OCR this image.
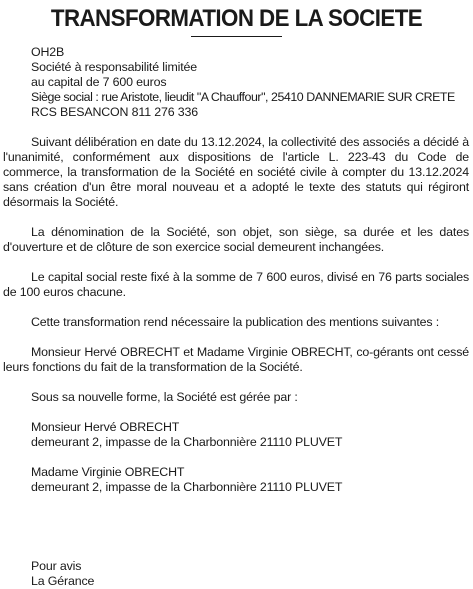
TRANSFORMATION DE LA SOCIETE
OH2B
Société à responsabilité limitée
au capital de 7 600 euros
Siège social : rue Aristote, lieudit "A Chauffour", 25410 DANNEMARIE SUR CRETE
RCS BESANCON 811 276 336

Suivant délibération en date du 13.12.2024, la collectivité des associés a décidé à l'unanimité, conformément aux dispositions de l'article L. 223-43 du Code de commerce, la transformation de la Société en société civile à compter du 13.12.2024 sans création d'un être moral nouveau et a adopté le texte des statuts qui régiront désormais la Société.

La dénomination de la Société, son objet, son siège, sa durée et les dates d'ouverture et de clôture de son exercice social demeurent inchangées.

Le capital social reste fixé à la somme de 7 600 euros, divisé en 76 parts sociales de 100 euros chacune.

Cette transformation rend nécessaire la publication des mentions suivantes :

Monsieur Hervé OBRECHT et Madame Virginie OBRECHT, co-gérants ont cessé leurs fonctions du fait de la transformation de la Société.

Sous sa nouvelle forme, la Société est gérée par :

Monsieur Hervé OBRECHT
demeurant 2, impasse de la Charbonnière 21110 PLUVET
Madame Virginie OBRECHT
demeurant 2, impasse de la Charbonnière 21110 PLUVET
Pour avis
La Gérance
